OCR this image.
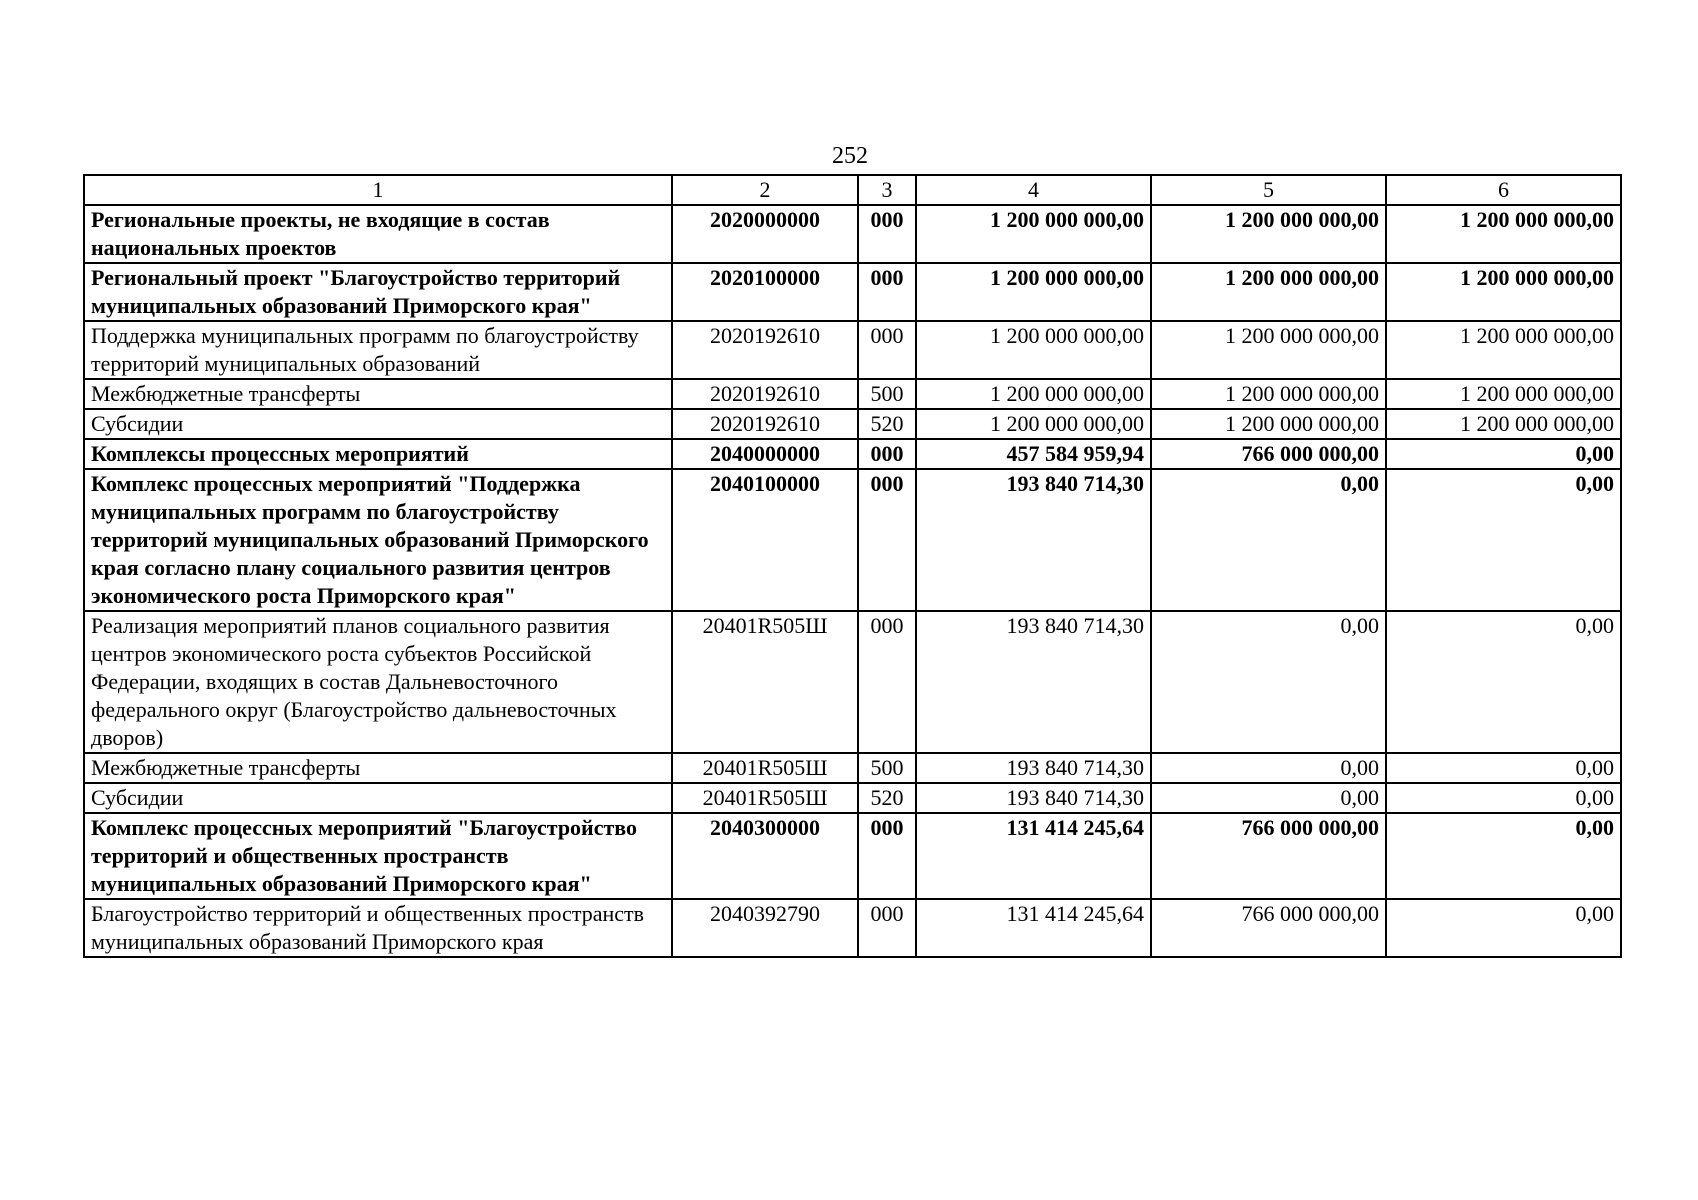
252
1	2	3	4	5	6
Региональные проекты, не входящие в состав национальных проектов	2020000000	000	1 200 000 000,00	1 200 000 000,00	1 200 000 000,00
Региональный проект "Благоустройство территорий муниципальных образований Приморского края"	2020100000	000	1 200 000 000,00	1 200 000 000,00	1 200 000 000,00
Поддержка муниципальных программ по благоустройству территорий муниципальных образований	2020192610	000	1 200 000 000,00	1 200 000 000,00	1 200 000 000,00
Межбюджетные трансферты	2020192610	500	1 200 000 000,00	1 200 000 000,00	1 200 000 000,00
Субсидии	2020192610	520	1 200 000 000,00	1 200 000 000,00	1 200 000 000,00
Комплексы процессных мероприятий	2040000000	000	457 584 959,94	766 000 000,00	0,00
Комплекс процессных мероприятий "Поддержка муниципальных программ по благоустройству территорий муниципальных образований Приморского края согласно плану социального развития центров экономического роста Приморского края"	2040100000	000	193 840 714,30	0,00	0,00
Реализация мероприятий планов социального развития центров экономического роста субъектов Российской Федерации, входящих в состав Дальневосточного федерального округ (Благоустройство дальневосточных дворов)	20401R505Ш	000	193 840 714,30	0,00	0,00
Межбюджетные трансферты	20401R505Ш	500	193 840 714,30	0,00	0,00
Субсидии	20401R505Ш	520	193 840 714,30	0,00	0,00
Комплекс процессных мероприятий "Благоустройство территорий и общественных пространств муниципальных образований Приморского края"	2040300000	000	131 414 245,64	766 000 000,00	0,00
Благоустройство территорий и общественных пространств муниципальных образований Приморского края	2040392790	000	131 414 245,64	766 000 000,00	0,00
